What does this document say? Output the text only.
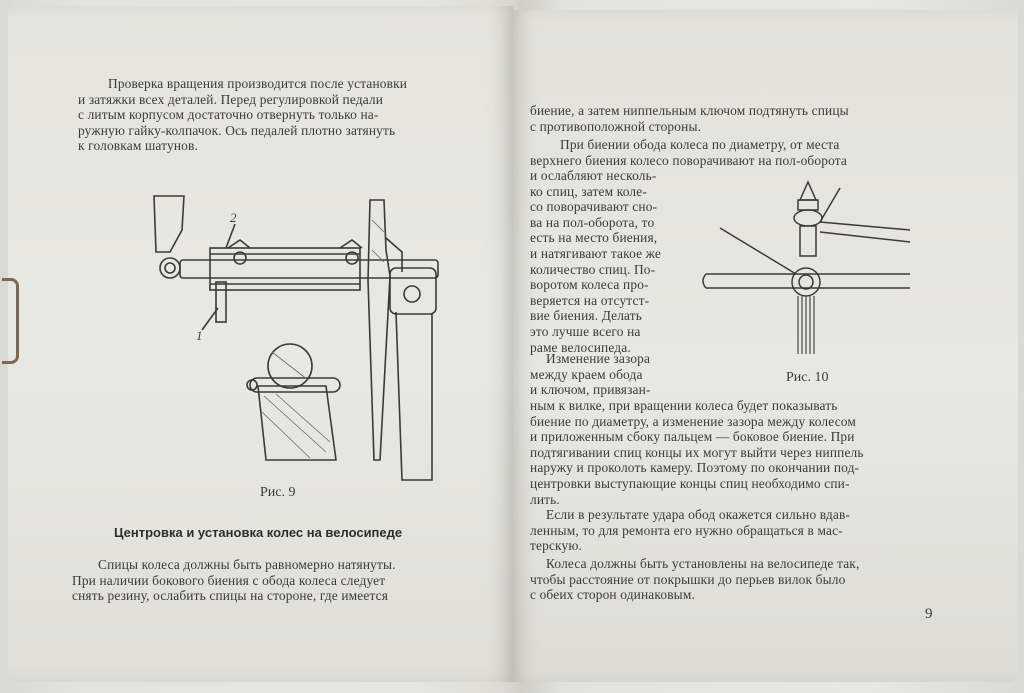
Проверка вращения производится после установки
и затяжки всех деталей. Перед регулировкой педали
с литым корпусом достаточно отвернуть только на-
ружную гайку-колпачок. Ось педалей плотно затянуть
к головкам шатунов.
2
1
Рис. 9
Центровка и установка колес на велосипеде
Спицы колеса должны быть равномерно натянуты.
При наличии бокового биения с обода колеса следует
снять резину, ослабить спицы на стороне, где имеется
биение, а затем ниппельным ключом подтянуть спицы
с противоположной стороны.
При биении обода колеса по диаметру, от места
верхнего биения колесо поворачивают на пол-оборота
и ослабляют несколь-
ко спиц, затем коле-
со поворачивают сно-
ва на пол-оборота, то
есть на место биения,
и натягивают такое же
количество спиц. По-
воротом колеса про-
веряется на отсутст-
вие биения. Делать
это лучше всего на
раме велосипеда.
Рис. 10
Изменение зазора
между краем обода
и ключом, привязан-
ным к вилке, при вращении колеса будет показывать
биение по диаметру, а изменение зазора между колесом
и приложенным сбоку пальцем — боковое биение. При
подтягивании спиц концы их могут выйти через ниппель
наружу и проколоть камеру. Поэтому по окончании под-
центровки выступающие концы спиц необходимо спи-
лить.
Если в результате удара обод окажется сильно вдав-
ленным, то для ремонта его нужно обращаться в мас-
терскую.
Колеса должны быть установлены на велосипеде так,
чтобы расстояние от покрышки до перьев вилок было
с обеих сторон одинаковым.
9
